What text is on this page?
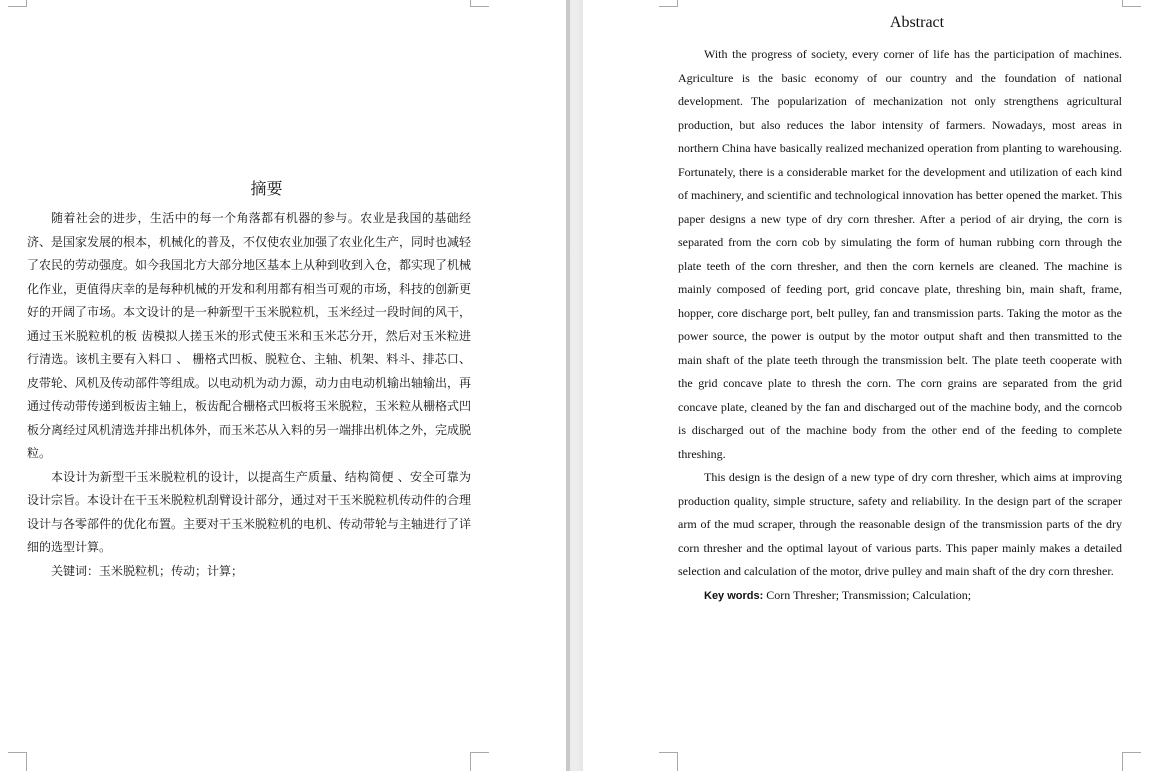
摘要

随着社会的进步，生活中的每一个角落都有机器的参与。农业是我国的基础经济、是国家发展的根本，机械化的普及，不仅使农业加强了农业化生产，同时也减轻了农民的劳动强度。如今我国北方大部分地区基本上从种到收到入仓，都实现了机械化作业，更值得庆幸的是每种机械的开发和利用都有相当可观的市场，科技的创新更好的开阔了市场。本文设计的是一种新型干玉米脱粒机，玉米经过一段时间的风干，通过玉米脱粒机的板 齿模拟人搓玉米的形式使玉米和玉米芯分开，然后对玉米粒进行清选。该机主要有入料口 、 栅格式凹板、脱粒仓、主轴、机架、料斗、排芯口、皮带轮、风机及传动部件等组成。以电动机为动力源，动力由电动机输出轴输出，再通过传动带传递到板齿主轴上，板齿配合栅格式凹板将玉米脱粒，玉米粒从栅格式凹板分离经过风机清选并排出机体外，而玉米芯从入料的另一端排出机体之外，完成脱粒。

本设计为新型干玉米脱粒机的设计，以提高生产质量、结构简便 、安全可靠为设计宗旨。本设计在干玉米脱粒机刮臂设计部分，通过对干玉米脱粒机传动件的合理设计与各零部件的优化布置。主要对干玉米脱粒机的电机、传动带轮与主轴进行了详细的选型计算。

关键词：玉米脱粒机；传动；计算；

Abstract

With the progress of society, every corner of life has the participation of machines. Agriculture is the basic economy of our country and the foundation of national development. The popularization of mechanization not only strengthens agricultural production, but also reduces the labor intensity of farmers. Nowadays, most areas in northern China have basically realized mechanized operation from planting to warehousing. Fortunately, there is a considerable market for the development and utilization of each kind of machinery, and scientific and technological innovation has better opened the market. This paper designs a new type of dry corn thresher. After a period of air drying, the corn is separated from the corn cob by simulating the form of human rubbing corn through the plate teeth of the corn thresher, and then the corn kernels are cleaned. The machine is mainly composed of feeding port, grid concave plate, threshing bin, main shaft, frame, hopper, core discharge port, belt pulley, fan and transmission parts. Taking the motor as the power source, the power is output by the motor output shaft and then transmitted to the main shaft of the plate teeth through the transmission belt. The plate teeth cooperate with the grid concave plate to thresh the corn. The corn grains are separated from the grid concave plate, cleaned by the fan and discharged out of the machine body, and the corncob is discharged out of the machine body from the other end of the feeding to complete threshing.

This design is the design of a new type of dry corn thresher, which aims at improving production quality, simple structure, safety and reliability. In the design part of the scraper arm of the mud scraper, through the reasonable design of the transmission parts of the dry corn thresher and the optimal layout of various parts. This paper mainly makes a detailed selection and calculation of the motor, drive pulley and main shaft of the dry corn thresher.

Key words: Corn Thresher; Transmission; Calculation;
